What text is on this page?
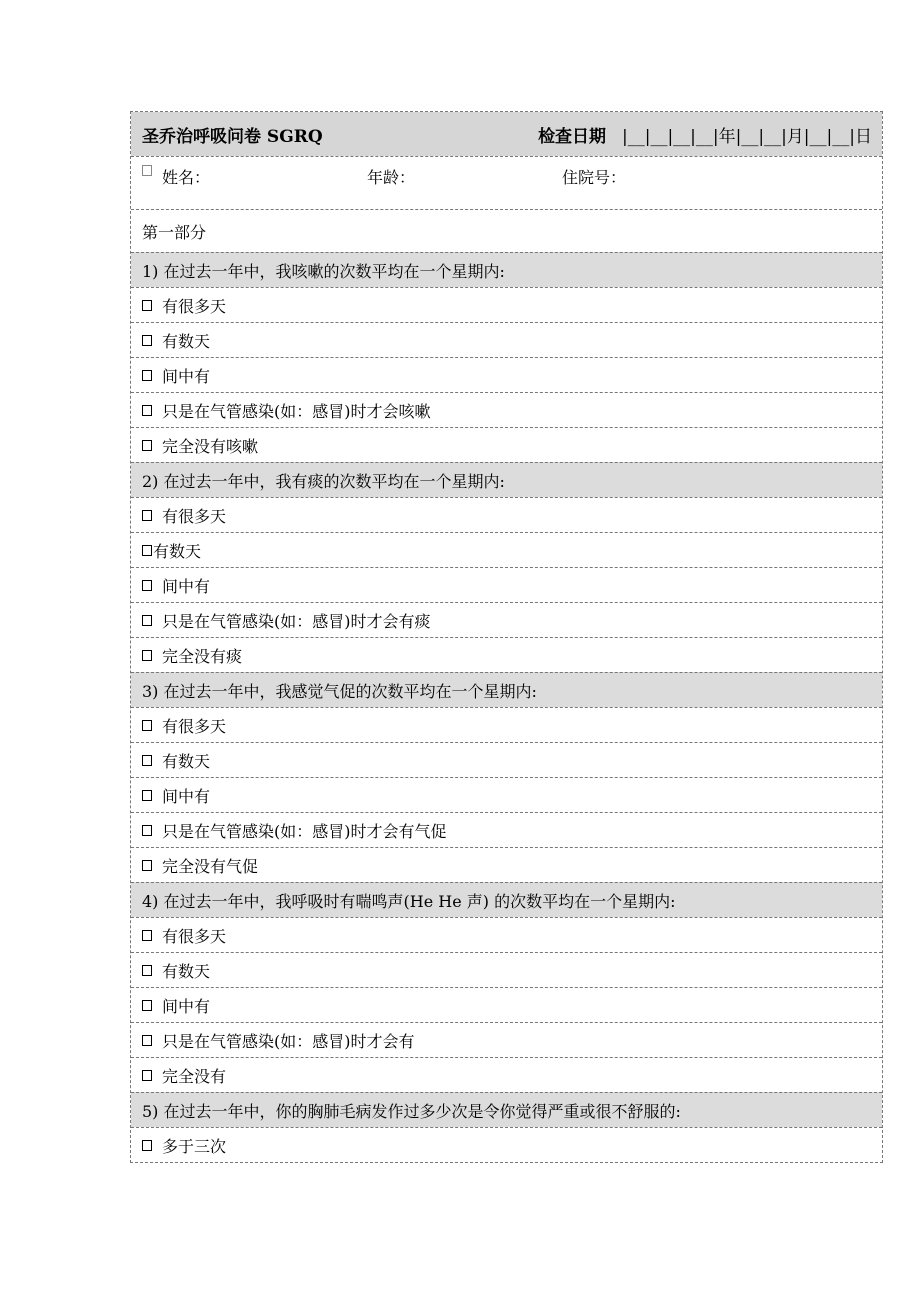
圣乔治呼吸问卷 SGRQ	检查日期 |__|__|__|__|年|__|__|月|__|__|日
姓名：	年龄：	住院号：
第一部分
1) 在过去一年中，我咳嗽的次数平均在一个星期内:
有很多天
有数天
间中有
只是在气管感染(如：感冒)时才会咳嗽
完全没有咳嗽
2) 在过去一年中，我有痰的次数平均在一个星期内:
有很多天
有数天
间中有
只是在气管感染(如：感冒)时才会有痰
完全没有痰
3) 在过去一年中，我感觉气促的次数平均在一个星期内:
有很多天
有数天
间中有
只是在气管感染(如：感冒)时才会有气促
完全没有气促
4) 在过去一年中，我呼吸时有喘鸣声(He He 声) 的次数平均在一个星期内:
有很多天
有数天
间中有
只是在气管感染(如：感冒)时才会有
完全没有
5) 在过去一年中，你的胸肺毛病发作过多少次是令你觉得严重或很不舒服的:
多于三次
